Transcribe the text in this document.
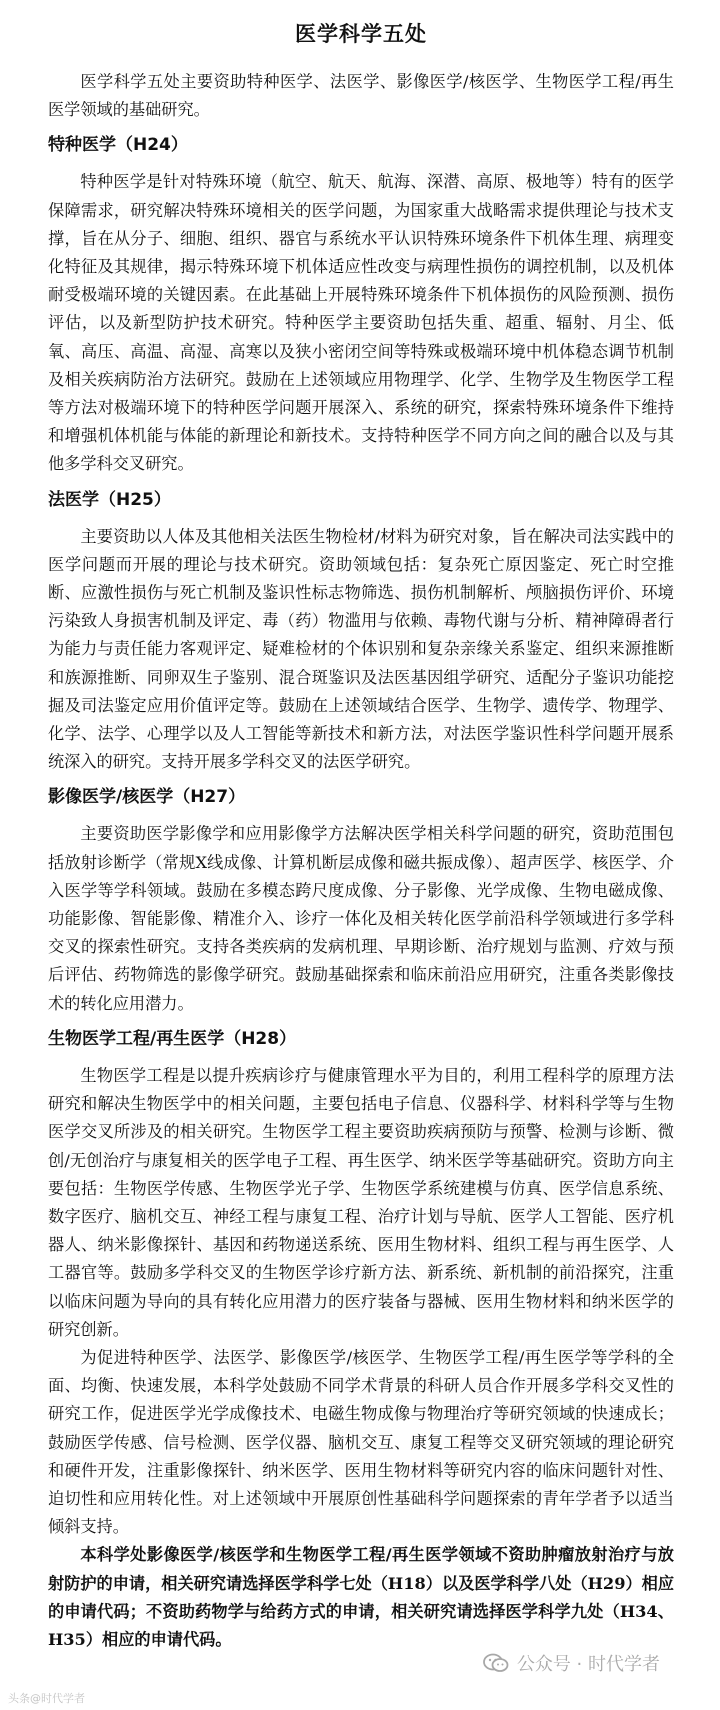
医学科学五处

医学科学五处主要资助特种医学、法医学、影像医学/核医学、生物医学工程/再生医学领域的基础研究。

特种医学（H24）

特种医学是针对特殊环境（航空、航天、航海、深潜、高原、极地等）特有的医学保障需求，研究解决特殊环境相关的医学问题，为国家重大战略需求提供理论与技术支撑，旨在从分子、细胞、组织、器官与系统水平认识特殊环境条件下机体生理、病理变化特征及其规律，揭示特殊环境下机体适应性改变与病理性损伤的调控机制，以及机体耐受极端环境的关键因素。在此基础上开展特殊环境条件下机体损伤的风险预测、损伤评估，以及新型防护技术研究。特种医学主要资助包括失重、超重、辐射、月尘、低氧、高压、高温、高湿、高寒以及狭小密闭空间等特殊或极端环境中机体稳态调节机制及相关疾病防治方法研究。鼓励在上述领域应用物理学、化学、生物学及生物医学工程等方法对极端环境下的特种医学问题开展深入、系统的研究，探索特殊环境条件下维持和增强机体机能与体能的新理论和新技术。支持特种医学不同方向之间的融合以及与其他多学科交叉研究。

法医学（H25）

主要资助以人体及其他相关法医生物检材/材料为研究对象，旨在解决司法实践中的医学问题而开展的理论与技术研究。资助领域包括：复杂死亡原因鉴定、死亡时空推断、应激性损伤与死亡机制及鉴识性标志物筛选、损伤机制解析、颅脑损伤评价、环境污染致人身损害机制及评定、毒（药）物滥用与依赖、毒物代谢与分析、精神障碍者行为能力与责任能力客观评定、疑难检材的个体识别和复杂亲缘关系鉴定、组织来源推断和族源推断、同卵双生子鉴别、混合斑鉴识及法医基因组学研究、适配分子鉴识功能挖掘及司法鉴定应用价值评定等。鼓励在上述领域结合医学、生物学、遗传学、物理学、化学、法学、心理学以及人工智能等新技术和新方法，对法医学鉴识性科学问题开展系统深入的研究。支持开展多学科交叉的法医学研究。

影像医学/核医学（H27）

主要资助医学影像学和应用影像学方法解决医学相关科学问题的研究，资助范围包括放射诊断学（常规X线成像、计算机断层成像和磁共振成像）、超声医学、核医学、介入医学等学科领域。鼓励在多模态跨尺度成像、分子影像、光学成像、生物电磁成像、功能影像、智能影像、精准介入、诊疗一体化及相关转化医学前沿科学领域进行多学科交叉的探索性研究。支持各类疾病的发病机理、早期诊断、治疗规划与监测、疗效与预后评估、药物筛选的影像学研究。鼓励基础探索和临床前沿应用研究，注重各类影像技术的转化应用潜力。

生物医学工程/再生医学（H28）

生物医学工程是以提升疾病诊疗与健康管理水平为目的，利用工程科学的原理方法研究和解决生物医学中的相关问题，主要包括电子信息、仪器科学、材料科学等与生物医学交叉所涉及的相关研究。生物医学工程主要资助疾病预防与预警、检测与诊断、微创/无创治疗与康复相关的医学电子工程、再生医学、纳米医学等基础研究。资助方向主要包括：生物医学传感、生物医学光子学、生物医学系统建模与仿真、医学信息系统、数字医疗、脑机交互、神经工程与康复工程、治疗计划与导航、医学人工智能、医疗机器人、纳米影像探针、基因和药物递送系统、医用生物材料、组织工程与再生医学、人工器官等。鼓励多学科交叉的生物医学诊疗新方法、新系统、新机制的前沿探究，注重以临床问题为导向的具有转化应用潜力的医疗装备与器械、医用生物材料和纳米医学的研究创新。

为促进特种医学、法医学、影像医学/核医学、生物医学工程/再生医学等学科的全面、均衡、快速发展，本科学处鼓励不同学术背景的科研人员合作开展多学科交叉性的研究工作，促进医学光学成像技术、电磁生物成像与物理治疗等研究领域的快速成长；鼓励医学传感、信号检测、医学仪器、脑机交互、康复工程等交叉研究领域的理论研究和硬件开发，注重影像探针、纳米医学、医用生物材料等研究内容的临床问题针对性、迫切性和应用转化性。对上述领域中开展原创性基础科学问题探索的青年学者予以适当倾斜支持。

本科学处影像医学/核医学和生物医学工程/再生医学领域不资助肿瘤放射治疗与放射防护的申请，相关研究请选择医学科学七处（H18）以及医学科学八处（H29）相应的申请代码；不资助药物学与给药方式的申请，相关研究请选择医学科学九处（H34、H35）相应的申请代码。

公众号 · 时代学者
头条@时代学者
